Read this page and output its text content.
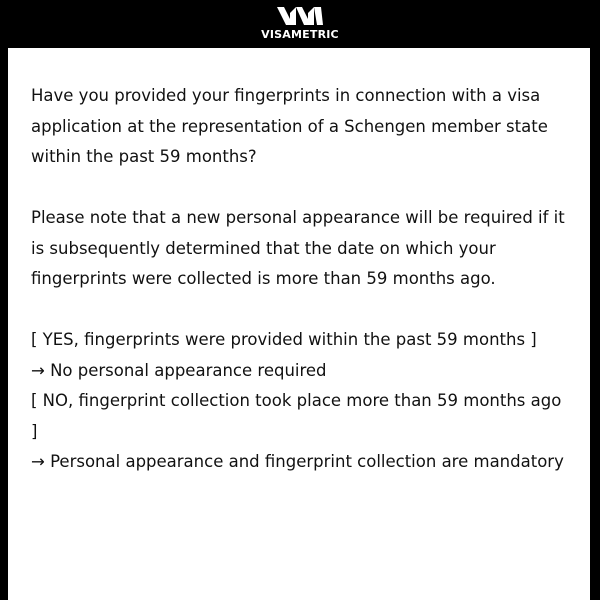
VISAMETRIC

Have you provided your fingerprints in connection with a visa application at the representation of a Schengen member state within the past 59 months?

Please note that a new personal appearance will be required if it is subsequently determined that the date on which your fingerprints were collected is more than 59 months ago.

[ YES, fingerprints were provided within the past 59 months ]

→ No personal appearance required

[ NO, fingerprint collection took place more than 59 months ago ]

→ Personal appearance and fingerprint collection are mandatory
